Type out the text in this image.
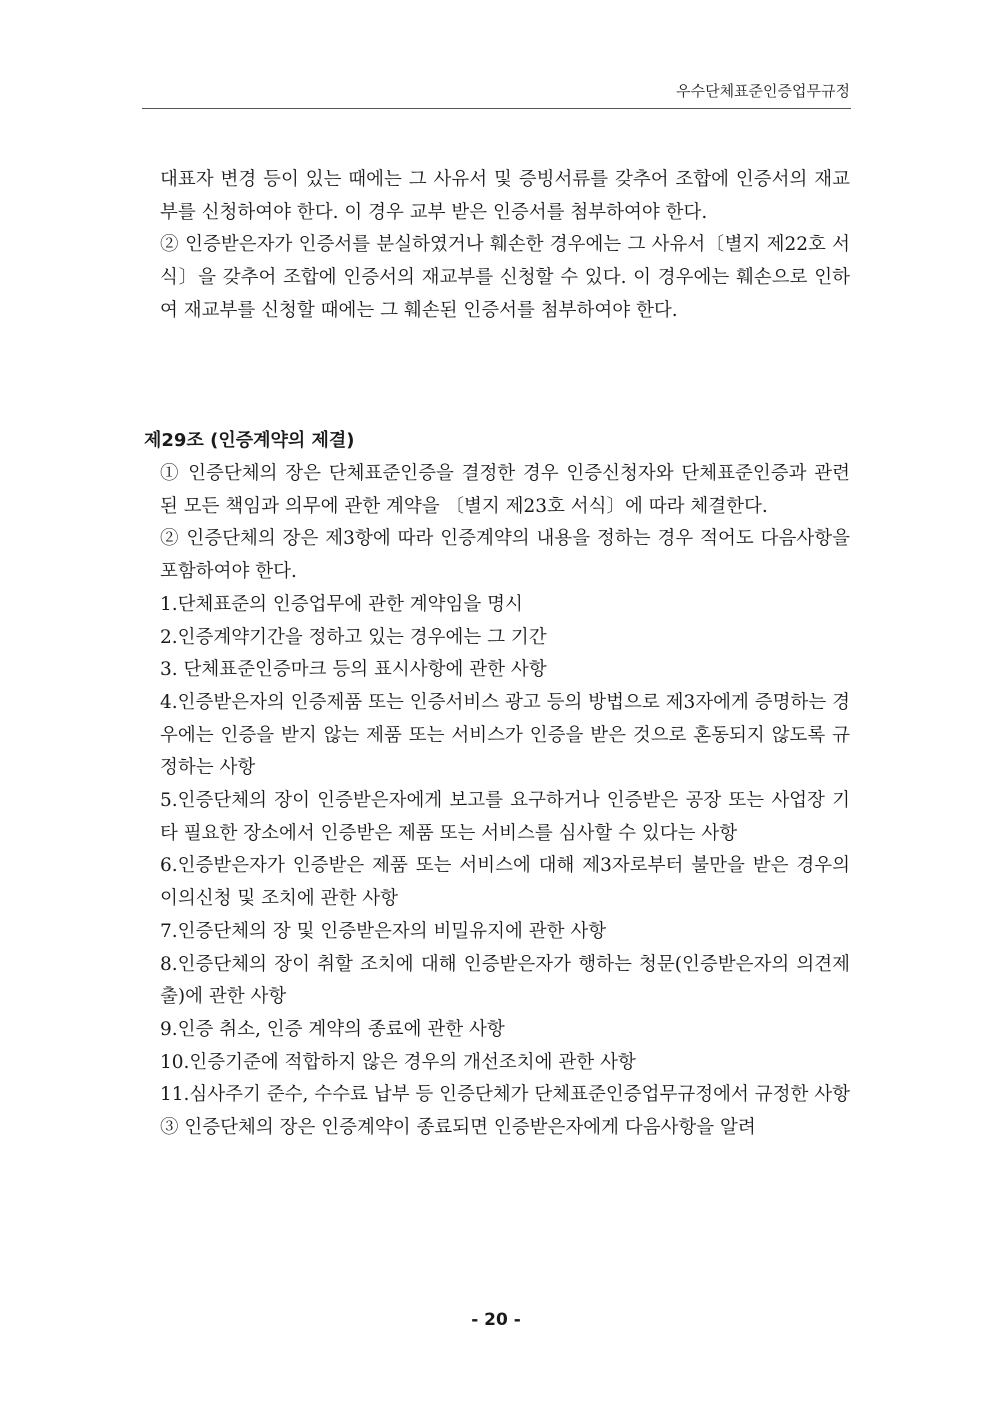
우수단체표준인증업무규정

대표자 변경 등이 있는 때에는 그 사유서 및 증빙서류를 갖추어 조합에 인증서의 재교부를 신청하여야 한다. 이 경우 교부 받은 인증서를 첨부하여야 한다.

② 인증받은자가 인증서를 분실하였거나 훼손한 경우에는 그 사유서〔별지 제22호 서식〕을 갖추어 조합에 인증서의 재교부를 신청할 수 있다. 이 경우에는 훼손으로 인하여 재교부를 신청할 때에는 그 훼손된 인증서를 첨부하여야 한다.

제29조 (인증계약의 제결)

① 인증단체의 장은 단체표준인증을 결정한 경우 인증신청자와 단체표준인증과 관련된 모든 책임과 의무에 관한 계약을 〔별지 제23호 서식〕에 따라 체결한다.

② 인증단체의 장은 제3항에 따라 인증계약의 내용을 정하는 경우 적어도 다음사항을 포함하여야 한다.

1.단체표준의 인증업무에 관한 계약임을 명시

2.인증계약기간을 정하고 있는 경우에는 그 기간

3. 단체표준인증마크 등의 표시사항에 관한 사항

4.인증받은자의 인증제품 또는 인증서비스 광고 등의 방법으로 제3자에게 증명하는 경우에는 인증을 받지 않는 제품 또는 서비스가 인증을 받은 것으로 혼동되지 않도록 규정하는 사항

5.인증단체의 장이 인증받은자에게 보고를 요구하거나 인증받은 공장 또는 사업장 기타 필요한 장소에서 인증받은 제품 또는 서비스를 심사할 수 있다는 사항

6.인증받은자가 인증받은 제품 또는 서비스에 대해 제3자로부터 불만을 받은 경우의 이의신청 및 조치에 관한 사항

7.인증단체의 장 및 인증받은자의 비밀유지에 관한 사항

8.인증단체의 장이 취할 조치에 대해 인증받은자가 행하는 청문(인증받은자의 의견제출)에 관한 사항

9.인증 취소, 인증 계약의 종료에 관한 사항

10.인증기준에 적합하지 않은 경우의 개선조치에 관한 사항

11.심사주기 준수, 수수료 납부 등 인증단체가 단체표준인증업무규정에서 규정한 사항

③ 인증단체의 장은 인증계약이 종료되면 인증받은자에게 다음사항을 알려

- 20 -
